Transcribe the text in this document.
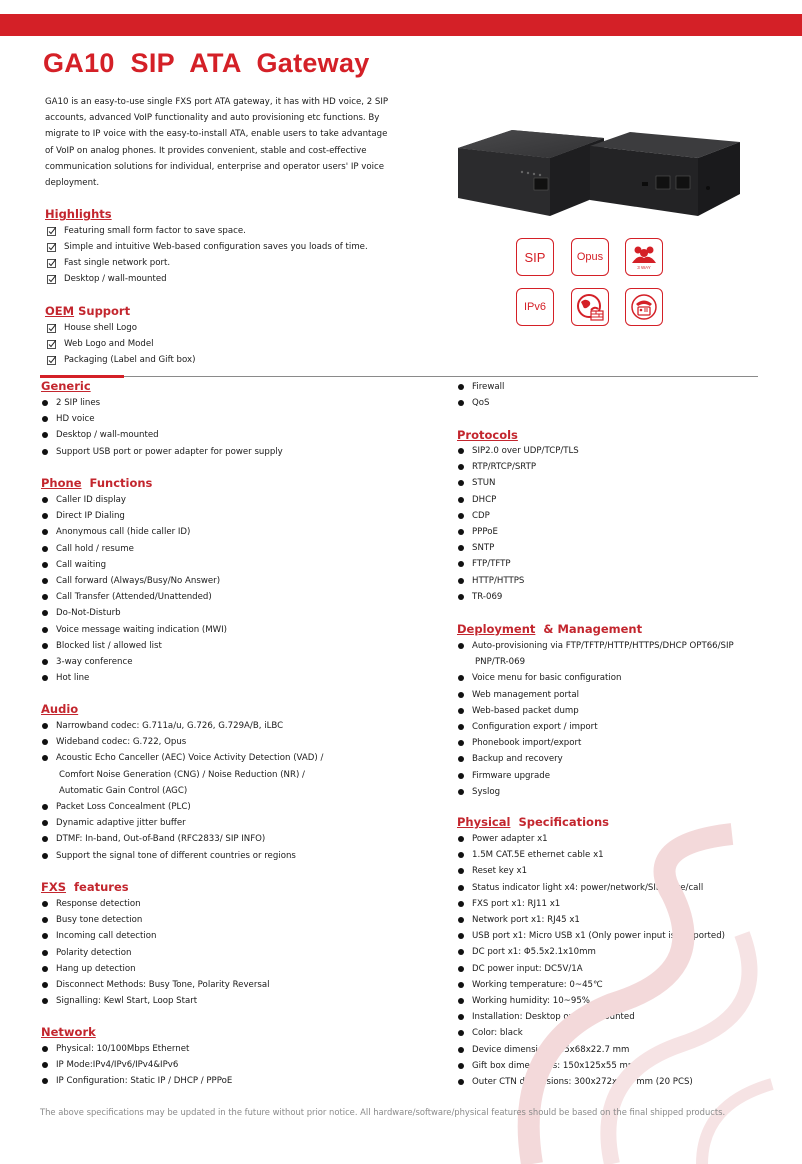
GA10 SIP ATA Gateway
GA10 is an easy-to-use single FXS port ATA gateway, it has with HD voice, 2 SIP accounts, advanced VoIP functionality and auto provisioning etc functions. By migrate to IP voice with the easy-to-install ATA, enable users to take advantage of VoIP on analog phones. It provides convenient, stable and cost-effective communication solutions for individual, enterprise and operator users' IP voice deployment.
Highlights
Featuring small form factor to save space.
Simple and intuitive Web-based configuration saves you loads of time.
Fast single network port.
Desktop / wall-mounted
OEM Support
House shell Logo
Web Logo and Model
Packaging (Label and Gift box)
SIP	Opus
3 WAY
IPv6
Generic
2 SIP lines
HD voice
Desktop / wall-mounted
Support USB port or power adapter for power supply
Phone Functions
Caller ID display
Direct IP Dialing
Anonymous call (hide caller ID)
Call hold / resume
Call waiting
Call forward (Always/Busy/No Answer)
Call Transfer (Attended/Unattended)
Do-Not-Disturb
Voice message waiting indication (MWI)
Blocked list / allowed list
3-way conference
Hot line
Audio
Narrowband codec: G.711a/u, G.726, G.729A/B, iLBC
Wideband codec: G.722, Opus
Acoustic Echo Canceller (AEC) Voice Activity Detection (VAD) /
Comfort Noise Generation (CNG) / Noise Reduction (NR) /
Automatic Gain Control (AGC)
Packet Loss Concealment (PLC)
Dynamic adaptive jitter buffer
DTMF: In-band, Out-of-Band (RFC2833/ SIP INFO)
Support the signal tone of different countries or regions
FXS features
Response detection
Busy tone detection
Incoming call detection
Polarity detection
Hang up detection
Disconnect Methods: Busy Tone, Polarity Reversal
Signalling: Kewl Start, Loop Start
Network
Physical: 10/100Mbps Ethernet
IP Mode:IPv4/IPv6/IPv4&IPv6
IP Configuration: Static IP / DHCP / PPPoE
Firewall
QoS
Protocols
SIP2.0 over UDP/TCP/TLS
RTP/RTCP/SRTP
STUN
DHCP
CDP
PPPoE
SNTP
FTP/TFTP
HTTP/HTTPS
TR-069
Deployment & Management
Auto-provisioning via FTP/TFTP/HTTP/HTTPS/DHCP OPT66/SIP
PNP/TR-069
Voice menu for basic configuration
Web management portal
Web-based packet dump
Configuration export / import
Phonebook import/export
Backup and recovery
Firmware upgrade
Syslog
Physical Specifications
Power adapter x1
1.5M CAT.5E ethernet cable x1
Reset key x1
Status indicator light x4: power/network/SIP state/call
FXS port x1: RJ11 x1
Network port x1: RJ45 x1
USB port x1: Micro USB x1 (Only power input is supported)
DC port x1: Φ5.5x2.1x10mm
DC power input: DC5V/1A
Working temperature: 0~45℃
Working humidity: 10~95%
Installation: Desktop or Wall-mounted
Color: black
Device dimensions: 85x68x22.7 mm
Gift box dimensions: 150x125x55 mm
Outer CTN dimensions: 300x272x330 mm (20 PCS)
The above specifications may be updated in the future without prior notice. All hardware/software/physical features should be based on the final shipped products.
